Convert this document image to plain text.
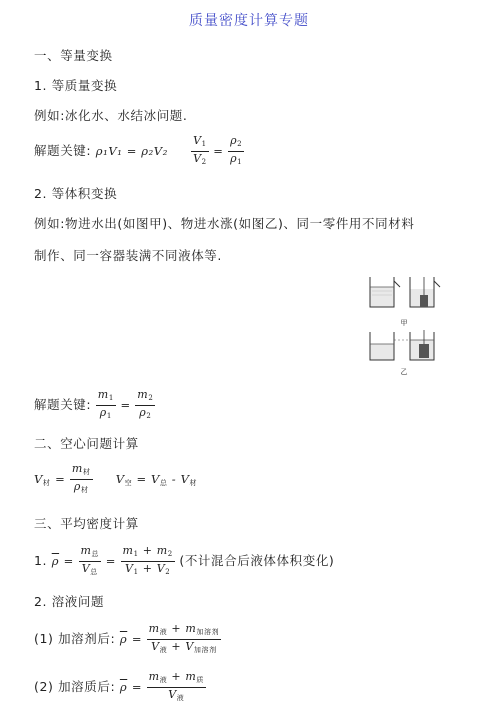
质量密度计算专题
一、等量变换
1. 等质量变换
例如:冰化水、水结冰问题.
解题关键: $\rho_1V_1 = \rho_2V_2 \frac{V_1}{V_2} = \frac{\rho_2}{\rho_1}$
2. 等体积变换
例如:物进水出(如图甲)、物进水涨(如图乙)、同一零件用不同材料
制作、同一容器装满不同液体等.
甲
乙
解题关键: $\frac{m_1}{\rho_1} = \frac{m_2}{\rho_2}$
二、空心问题计算
$V_材 = \frac{m_材}{\rho_材} V_空 = V_总 - V_材$
三、平均密度计算
1. $\overline{\rho} = \frac{m_总}{V_总} = \frac{m_1 + m_2}{V_1 + V_2}$ (不计混合后液体体积变化)
2. 溶液问题
(1) 加溶剂后: $\overline{\rho} = \frac{m_液 + m_{加溶剂}}{V_液 + V_{加溶剂}}$
(2) 加溶质后: $\overline{\rho} = \frac{m_液 + m_质}{V_液}$
